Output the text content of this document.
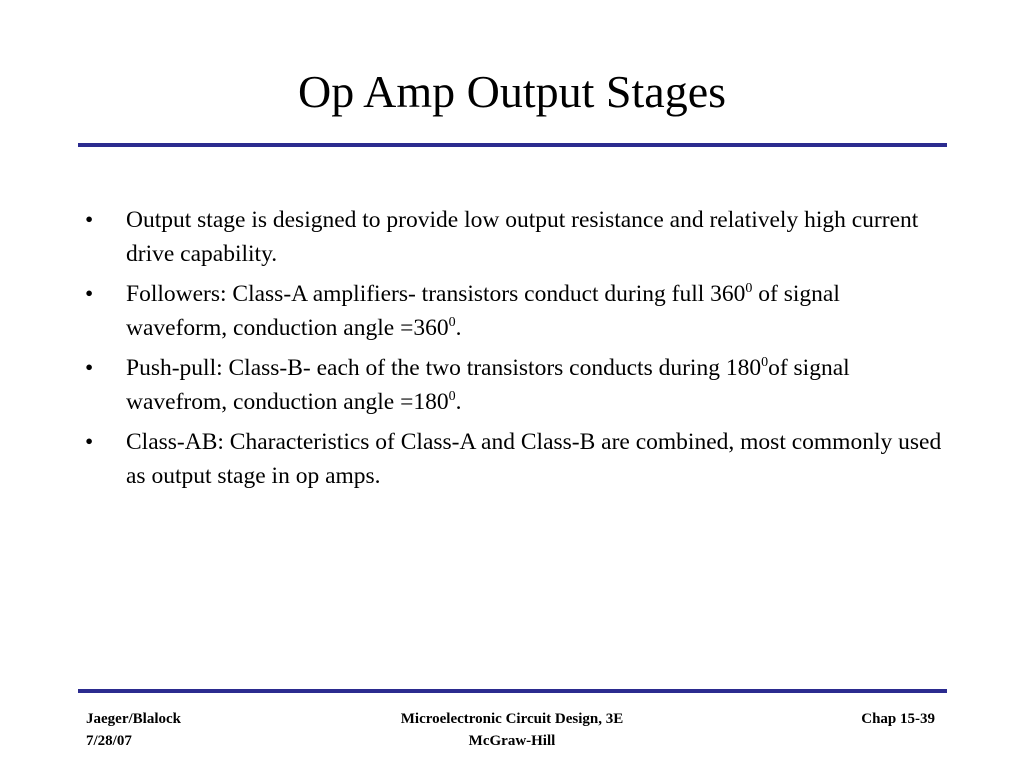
Op Amp Output Stages
• Output stage is designed to provide low output resistance and relatively high current drive capability.
• Followers: Class-A amplifiers- transistors conduct during full $360^0$ of signal waveform, conduction angle $=360^0$.
• Push-pull: Class-B- each of the two transistors conducts during $180^0of$ signal wavefrom, conduction angle $=180^0$.
• Class-AB: Characteristics of Class-A and Class-B are combined, most commonly used as output stage in op amps.
Jaeger/Blalock
7/28/07
Microelectronic Circuit Design, 3E
McGraw-Hill
Chap 15-39
